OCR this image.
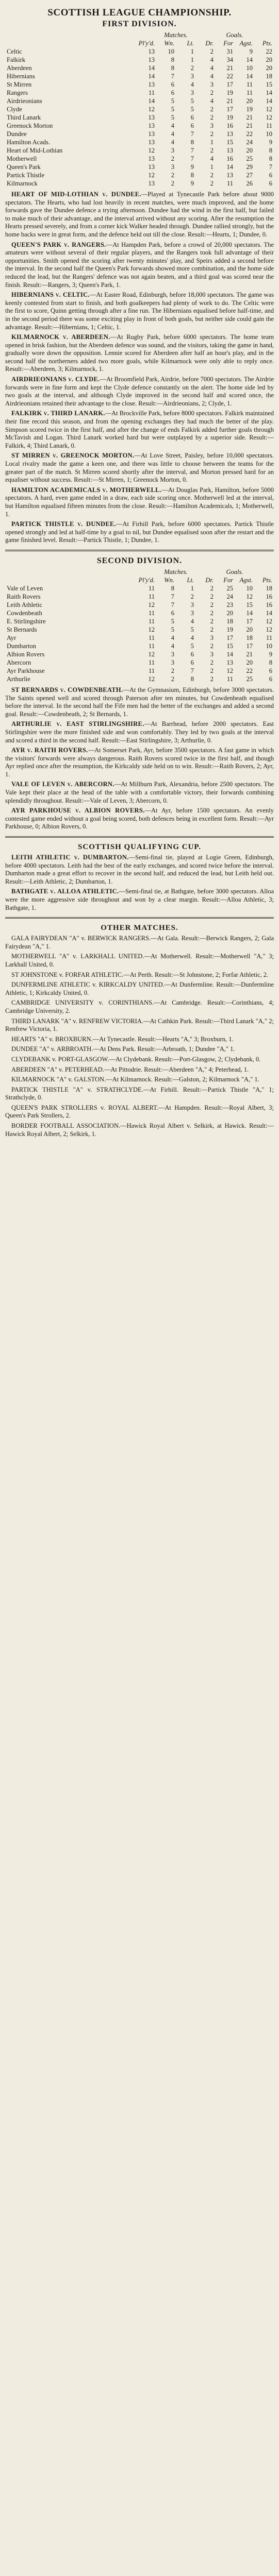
SCOTTISH LEAGUE CHAMPIONSHIP.
FIRST DIVISION.
	Matches.				Goals.		
	Pl'y'd.	Wn.	Lt.	Dr.	For	Agst.	Pts.
Celtic	13	10	1	2	31	9	22
Falkirk	13	8	1	4	34	14	20
Aberdeen	14	8	2	4	21	10	20
Hibernians	14	7	3	4	22	14	18
St Mirren	13	6	4	3	17	11	15
Rangers	11	6	3	2	19	11	14
Airdrieonians	14	5	5	4	21	20	14
Clyde	12	5	5	2	17	19	12
Third Lanark	13	5	6	2	19	21	12
Greenock Morton	13	4	6	3	16	21	11
Dundee	13	4	7	2	13	22	10
Hamilton Acads.	13	4	8	1	15	24	9
Heart of Mid-Lothian	12	3	7	2	13	20	8
Motherwell	13	2	7	4	16	25	8
Queen's Park	13	3	9	1	14	29	7
Partick Thistle	12	2	8	2	13	27	6
Kilmarnock	13	2	9	2	11	26	6

HEART OF MID-LOTHIAN v. DUNDEE.—Played at Tynecastle Park before about 9000 spectators. The Hearts, who had lost heavily in recent matches, were much improved, and the home forwards gave the Dundee defence a trying afternoon. Dundee had the wind in the first half, but failed to make much of their advantage, and the interval arrived without any scoring. After the resumption the Hearts pressed severely, and from a corner kick Walker headed through. Dundee rallied strongly, but the home backs were in great form, and the defence held out till the close. Result:—Hearts, 1; Dundee, 0.

QUEEN'S PARK v. RANGERS.—At Hampden Park, before a crowd of 20,000 spectators. The amateurs were without several of their regular players, and the Rangers took full advantage of their opportunities. Smith opened the scoring after twenty minutes' play, and Speirs added a second before the interval. In the second half the Queen's Park forwards showed more combination, and the home side reduced the lead, but the Rangers' defence was not again beaten, and a third goal was scored near the finish. Result:—Rangers, 3; Queen's Park, 1.

HIBERNIANS v. CELTIC.—At Easter Road, Edinburgh, before 18,000 spectators. The game was keenly contested from start to finish, and both goalkeepers had plenty of work to do. The Celtic were the first to score, Quinn getting through after a fine run. The Hibernians equalised before half-time, and in the second period there was some exciting play in front of both goals, but neither side could gain the advantage. Result:—Hibernians, 1; Celtic, 1.

KILMARNOCK v. ABERDEEN.—At Rugby Park, before 6000 spectators. The home team opened in brisk fashion, but the Aberdeen defence was sound, and the visitors, taking the game in hand, gradually wore down the opposition. Lennie scored for Aberdeen after half an hour's play, and in the second half the northerners added two more goals, while Kilmarnock were only able to reply once. Result:—Aberdeen, 3; Kilmarnock, 1.

AIRDRIEONIANS v. CLYDE.—At Broomfield Park, Airdrie, before 7000 spectators. The Airdrie forwards were in fine form and kept the Clyde defence constantly on the alert. The home side led by two goals at the interval, and although Clyde improved in the second half and scored once, the Airdrieonians retained their advantage to the close. Result:—Airdrieonians, 2; Clyde, 1.

FALKIRK v. THIRD LANARK.—At Brockville Park, before 8000 spectators. Falkirk maintained their fine record this season, and from the opening exchanges they had much the better of the play. Simpson scored twice in the first half, and after the change of ends Falkirk added further goals through McTavish and Logan. Third Lanark worked hard but were outplayed by a superior side. Result:—Falkirk, 4; Third Lanark, 0.

ST MIRREN v. GREENOCK MORTON.—At Love Street, Paisley, before 10,000 spectators. Local rivalry made the game a keen one, and there was little to choose between the teams for the greater part of the match. St Mirren scored shortly after the interval, and Morton pressed hard for an equaliser without success. Result:—St Mirren, 1; Greenock Morton, 0.

HAMILTON ACADEMICALS v. MOTHERWELL.—At Douglas Park, Hamilton, before 5000 spectators. A hard, even game ended in a draw, each side scoring once. Motherwell led at the interval, but Hamilton equalised fifteen minutes from the close. Result:—Hamilton Academicals, 1; Motherwell, 1.

PARTICK THISTLE v. DUNDEE.—At Firhill Park, before 6000 spectators. Partick Thistle opened strongly and led at half-time by a goal to nil, but Dundee equalised soon after the restart and the game finished level. Result:—Partick Thistle, 1; Dundee, 1.

SECOND DIVISION.
	Matches.				Goals.		
	Pl'y'd.	Wn.	Lt.	Dr.	For	Agst.	Pts.
Vale of Leven	11	8	1	2	25	10	18
Raith Rovers	11	7	2	2	24	12	16
Leith Athletic	12	7	3	2	23	15	16
Cowdenbeath	11	6	3	2	20	14	14
E. Stirlingshire	11	5	4	2	18	17	12
St Bernards	12	5	5	2	19	20	12
Ayr	11	4	4	3	17	18	11
Dumbarton	11	4	5	2	15	17	10
Albion Rovers	12	3	6	3	14	21	9
Abercorn	11	3	6	2	13	20	8
Ayr Parkhouse	11	2	7	2	12	22	6
Arthurlie	12	2	8	2	11	25	6

ST BERNARDS v. COWDENBEATH.—At the Gymnasium, Edinburgh, before 3000 spectators. The Saints opened well and scored through Paterson after ten minutes, but Cowdenbeath equalised before the interval. In the second half the Fife men had the better of the exchanges and added a second goal. Result:—Cowdenbeath, 2; St Bernards, 1.

ARTHURLIE v. EAST STIRLINGSHIRE.—At Barrhead, before 2000 spectators. East Stirlingshire were the more finished side and won comfortably. They led by two goals at the interval and scored a third in the second half. Result:—East Stirlingshire, 3; Arthurlie, 0.

AYR v. RAITH ROVERS.—At Somerset Park, Ayr, before 3500 spectators. A fast game in which the visitors' forwards were always dangerous. Raith Rovers scored twice in the first half, and though Ayr replied once after the resumption, the Kirkcaldy side held on to win. Result:—Raith Rovers, 2; Ayr, 1.

VALE OF LEVEN v. ABERCORN.—At Millburn Park, Alexandria, before 2500 spectators. The Vale kept their place at the head of the table with a comfortable victory, their forwards combining splendidly throughout. Result:—Vale of Leven, 3; Abercorn, 0.

AYR PARKHOUSE v. ALBION ROVERS.—At Ayr, before 1500 spectators. An evenly contested game ended without a goal being scored, both defences being in excellent form. Result:—Ayr Parkhouse, 0; Albion Rovers, 0.

SCOTTISH QUALIFYING CUP.

LEITH ATHLETIC v. DUMBARTON.—Semi-final tie, played at Logie Green, Edinburgh, before 4000 spectators. Leith had the best of the early exchanges, and scored twice before the interval. Dumbarton made a great effort to recover in the second half, and reduced the lead, but Leith held out. Result:—Leith Athletic, 2; Dumbarton, 1.

BATHGATE v. ALLOA ATHLETIC.—Semi-final tie, at Bathgate, before 3000 spectators. Alloa were the more aggressive side throughout and won by a clear margin. Result:—Alloa Athletic, 3; Bathgate, 1.

OTHER MATCHES.

GALA FAIRYDEAN "A" v. BERWICK RANGERS.—At Gala. Result:—Berwick Rangers, 2; Gala Fairydean "A," 1.

MOTHERWELL "A" v. LARKHALL UNITED.—At Motherwell. Result:—Motherwell "A," 3; Larkhall United, 0.

ST JOHNSTONE v. FORFAR ATHLETIC.—At Perth. Result:—St Johnstone, 2; Forfar Athletic, 2.

DUNFERMLINE ATHLETIC v. KIRKCALDY UNITED.—At Dunfermline. Result:—Dunfermline Athletic, 1; Kirkcaldy United, 0.

CAMBRIDGE UNIVERSITY v. CORINTHIANS.—At Cambridge. Result:—Corinthians, 4; Cambridge University, 2.

THIRD LANARK "A" v. RENFREW VICTORIA.—At Cathkin Park. Result:—Third Lanark "A," 2; Renfrew Victoria, 1.

HEARTS "A" v. BROXBURN.—At Tynecastle. Result:—Hearts "A," 3; Broxburn, 1.

DUNDEE "A" v. ARBROATH.—At Dens Park. Result:—Arbroath, 1; Dundee "A," 1.

CLYDEBANK v. PORT-GLASGOW.—At Clydebank. Result:—Port-Glasgow, 2; Clydebank, 0.

ABERDEEN "A" v. PETERHEAD.—At Pittodrie. Result:—Aberdeen "A," 4; Peterhead, 1.

KILMARNOCK "A" v. GALSTON.—At Kilmarnock. Result:—Galston, 2; Kilmarnock "A," 1.

PARTICK THISTLE "A" v. STRATHCLYDE.—At Firhill. Result:—Partick Thistle "A," 1; Strathclyde, 0.

QUEEN'S PARK STROLLERS v. ROYAL ALBERT.—At Hampden. Result:—Royal Albert, 3; Queen's Park Strollers, 2.

BORDER FOOTBALL ASSOCIATION.—Hawick Royal Albert v. Selkirk, at Hawick. Result:—Hawick Royal Albert, 2; Selkirk, 1.
